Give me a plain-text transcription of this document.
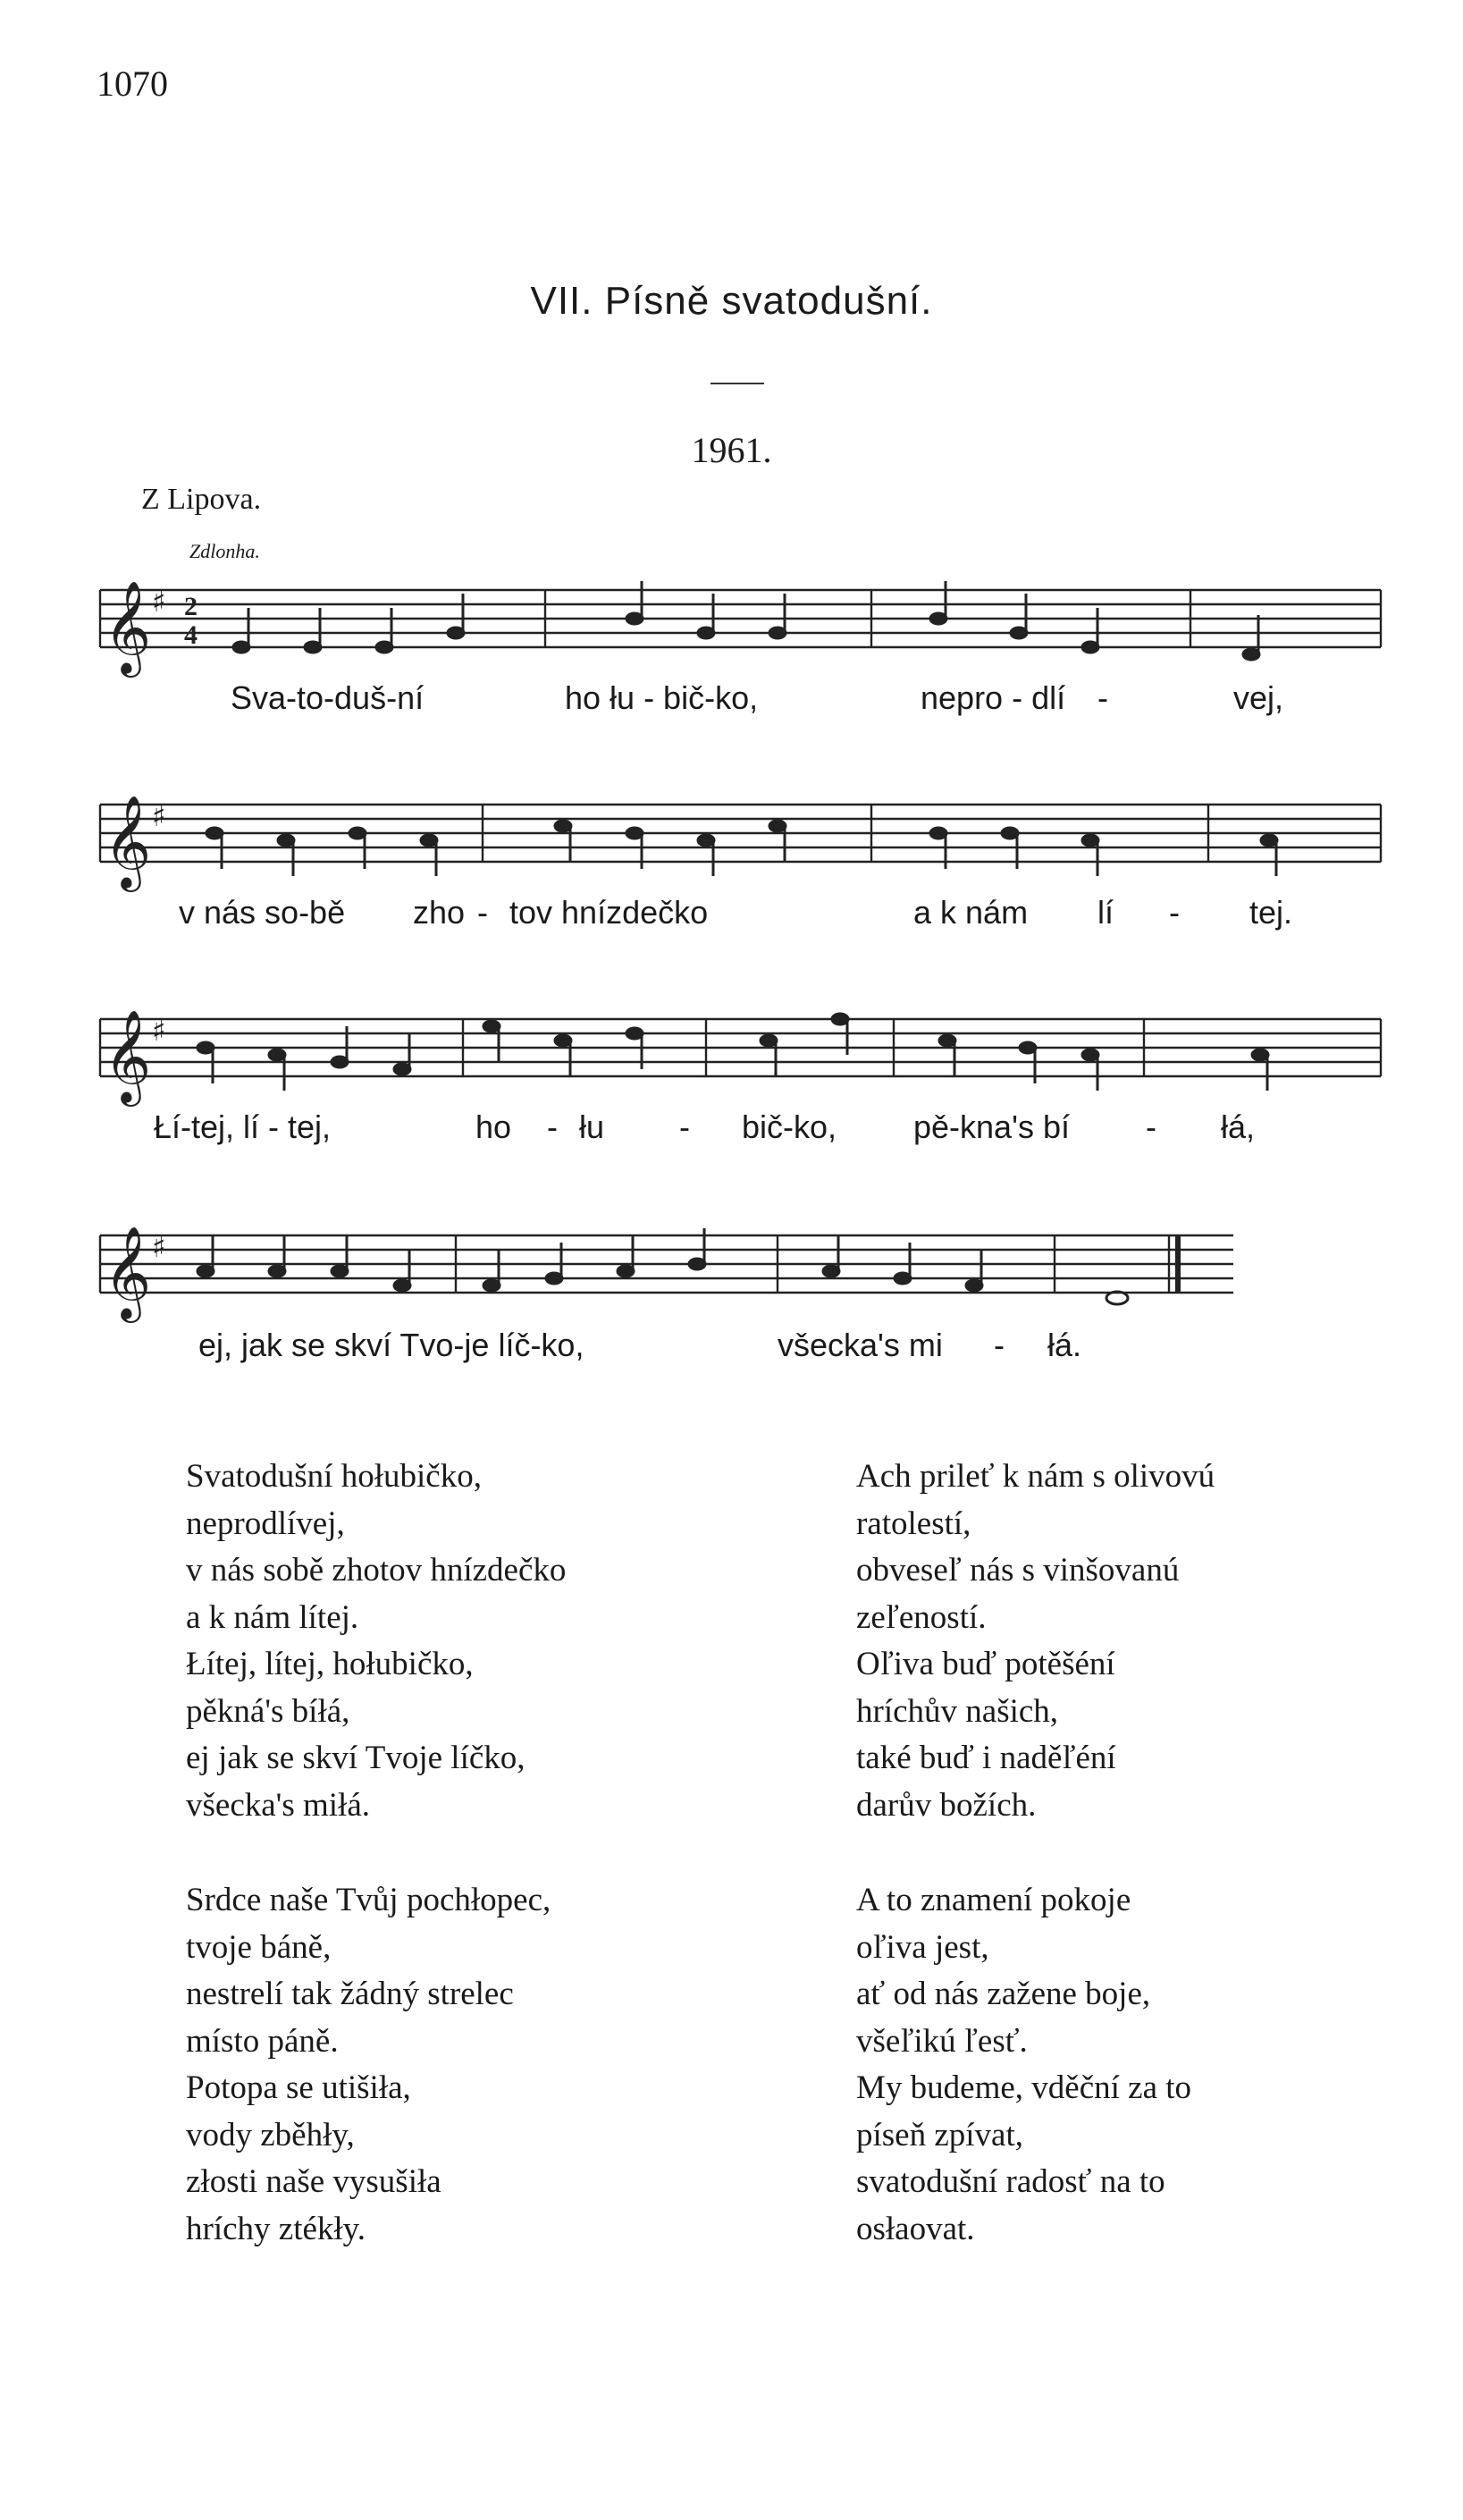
1070
VII. Písně svatodušní.
1961.
Z Lipova.
Zdlonha.
𝄞 ♯ 2
4
Sva-to-duš-ní	ho łu - bič-ko,	nepro - dlí -	vej,
𝄞 ♯
v nás so-bě zho - tov hnízdečko	a k nám lí - tej.
𝄞 ♯
Łí-tej, lí - tej,	ho - łu - bič-ko, pě-kna's bí - łá,
𝄞 ♯
ej, jak se skví Tvo-je líč-ko,	všecka's mi - łá.
Svatodušní hołubičko,
neprodlívej,
v nás sobě zhotov hnízdečko
a k nám lítej.
Łítej, lítej, hołubičko,
pěkná's bíłá,
ej jak se skví Tvoje líčko,
všecka's miłá.
Srdce naše Tvůj pochłopec,
tvoje báně,
nestrelí tak žádný strelec
místo páně.
Potopa se utišiła,
vody zběhły,
złosti naše vysušiła
hríchy ztékły.
Ach prileť k nám s olivovú
ratolestí,
obveseľ nás s vinšovanú
zeľeností.
Oľiva buď potěšéní
hríchův našich,
také buď i naděľéní
darův božích.
A to znamení pokoje
oľiva jest,
ať od nás zažene boje,
všeľikú ľesť.
My budeme, vděční za to
píseň zpívat,
svatodušní radosť na to
osłaovat.
